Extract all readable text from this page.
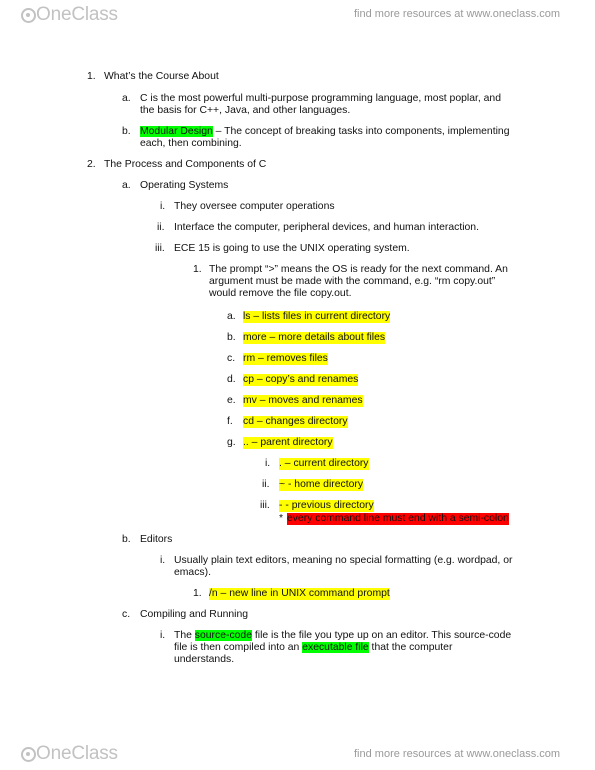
OneClass	find more resources at www.oneclass.com
1. What’s the Course About
a. C is the most powerful multi-purpose programming language, most poplar, and
the basis for C++, Java, and other languages.
b. Modular Design – The concept of breaking tasks into components, implementing
each, then combining.
2. The Process and Components of C
a. Operating Systems
i. They oversee computer operations
ii. Interface the computer, peripheral devices, and human interaction.
iii. ECE 15 is going to use the UNIX operating system.
1. The prompt “>” means the OS is ready for the next command. An
argument must be made with the command, e.g. “rm copy.out”
would remove the file copy.out.
a. ls – lists files in current directory
b. more – more details about files
c. rm – removes files
d. cp – copy’s and renames
e. mv – moves and renames
f. cd – changes directory
g. .. – parent directory
i. . – current directory
ii. ~ - home directory
iii. - - previous directory
* every command line must end with a semi-colon
b. Editors
i. Usually plain text editors, meaning no special formatting (e.g. wordpad, or
emacs).
1. /n – new line in UNIX command prompt
c. Compiling and Running
i. The source-code file is the file you type up on an editor. This source-code
file is then compiled into an executable file that the computer
understands.
OneClass	find more resources at www.oneclass.com
